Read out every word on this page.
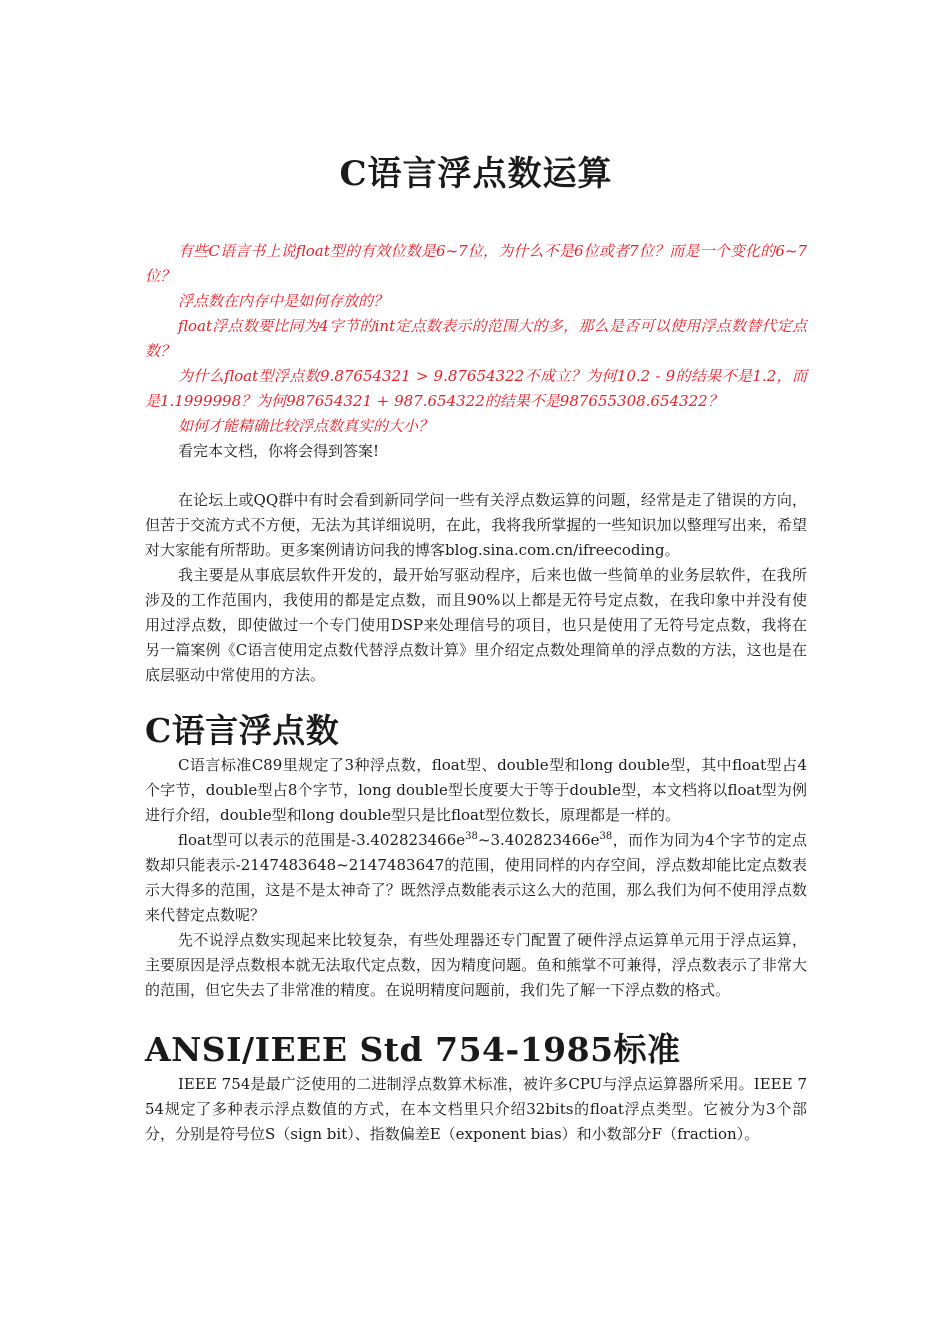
C语言浮点数运算

有些C语言书上说float型的有效位数是6~7位，为什么不是6位或者7位？而是一个变化的6~7位？

浮点数在内存中是如何存放的？

float浮点数要比同为4字节的int定点数表示的范围大的多，那么是否可以使用浮点数替代定点数？

为什么float型浮点数9.87654321 > 9.87654322不成立？为何10.2 - 9的结果不是1.2，而是1.1999998？为何987654321 + 987.654322的结果不是987655308.654322？

如何才能精确比较浮点数真实的大小？

看完本文档，你将会得到答案!

在论坛上或QQ群中有时会看到新同学问一些有关浮点数运算的问题，经常是走了错误的方向，但苦于交流方式不方便，无法为其详细说明，在此，我将我所掌握的一些知识加以整理写出来，希望对大家能有所帮助。更多案例请访问我的博客blog.sina.com.cn/ifreecoding。

我主要是从事底层软件开发的，最开始写驱动程序，后来也做一些简单的业务层软件，在我所涉及的工作范围内，我使用的都是定点数，而且90%以上都是无符号定点数，在我印象中并没有使用过浮点数，即使做过一个专门使用DSP来处理信号的项目，也只是使用了无符号定点数，我将在另一篇案例《C语言使用定点数代替浮点数计算》里介绍定点数处理简单的浮点数的方法，这也是在底层驱动中常使用的方法。

C语言浮点数

C语言标准C89里规定了3种浮点数，float型、double型和long double型，其中float型占4个字节，double型占8个字节，long double型长度要大于等于double型，本文档将以float型为例进行介绍，double型和long double型只是比float型位数长，原理都是一样的。

float型可以表示的范围是$-3.402823466e^{38}\sim 3.402823466e^{38}$，而作为同为4个字节的定点数却只能表示-2147483648~2147483647的范围，使用同样的内存空间，浮点数却能比定点数表示大得多的范围，这是不是太神奇了？既然浮点数能表示这么大的范围，那么我们为何不使用浮点数来代替定点数呢？

先不说浮点数实现起来比较复杂，有些处理器还专门配置了硬件浮点运算单元用于浮点运算，主要原因是浮点数根本就无法取代定点数，因为精度问题。鱼和熊掌不可兼得，浮点数表示了非常大的范围，但它失去了非常准的精度。在说明精度问题前，我们先了解一下浮点数的格式。

ANSI/IEEE Std 754-1985标准

IEEE 754是最广泛使用的二进制浮点数算术标准，被许多CPU与浮点运算器所采用。IEEE 754规定了多种表示浮点数值的方式，在本文档里只介绍32bits的float浮点类型。它被分为3个部分，分别是符号位S（sign bit）、指数偏差E（exponent bias）和小数部分F（fraction）。
